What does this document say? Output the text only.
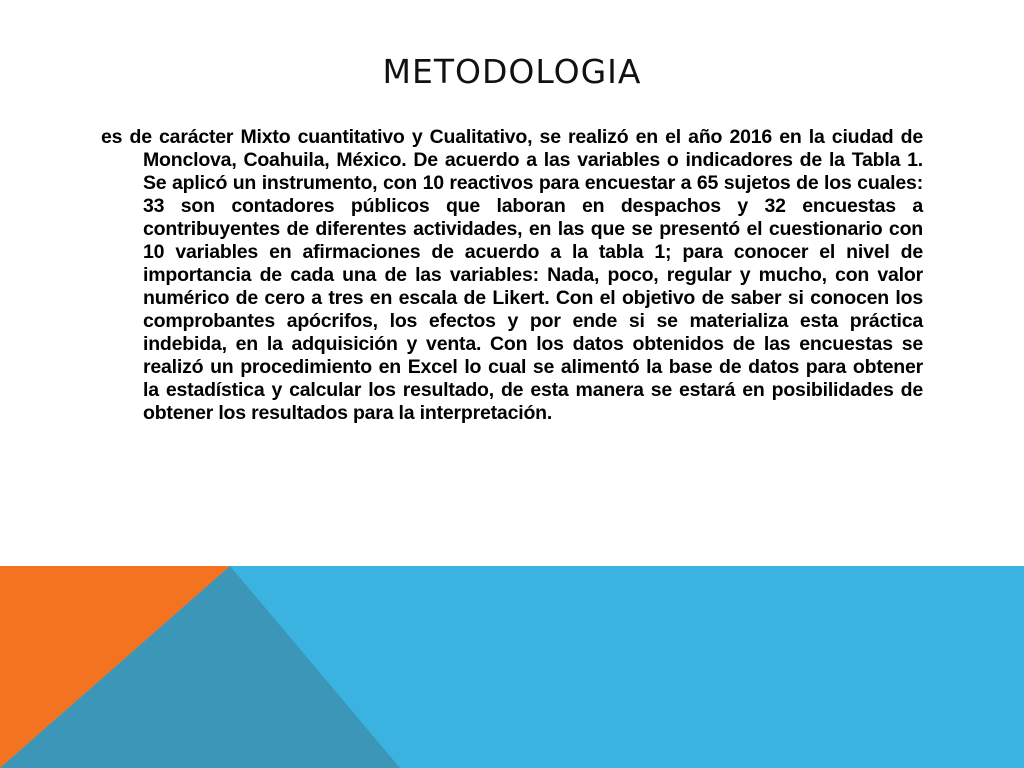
METODOLOGIA

es de carácter Mixto cuantitativo y Cualitativo, se realizó en el año 2016 en la ciudad de Monclova, Coahuila, México. De acuerdo a las variables o indicadores de la Tabla 1. Se aplicó un instrumento, con 10 reactivos para encuestar a 65 sujetos de los cuales: 33 son contadores públicos que laboran en despachos y 32 encuestas a contribuyentes de diferentes actividades, en las que se presentó el cuestionario con 10 variables en afirmaciones de acuerdo a la tabla 1; para conocer el nivel de importancia de cada una de las variables: Nada, poco, regular y mucho, con valor numérico de cero a tres en escala de Likert. Con el objetivo de saber si conocen los comprobantes apócrifos, los efectos y por ende si se materializa esta práctica indebida, en la adquisición y venta. Con los datos obtenidos de las encuestas se realizó un procedimiento en Excel lo cual se alimentó la base de datos para obtener la estadística y calcular los resultado, de esta manera se estará en posibilidades de obtener los resultados para la interpretación.
